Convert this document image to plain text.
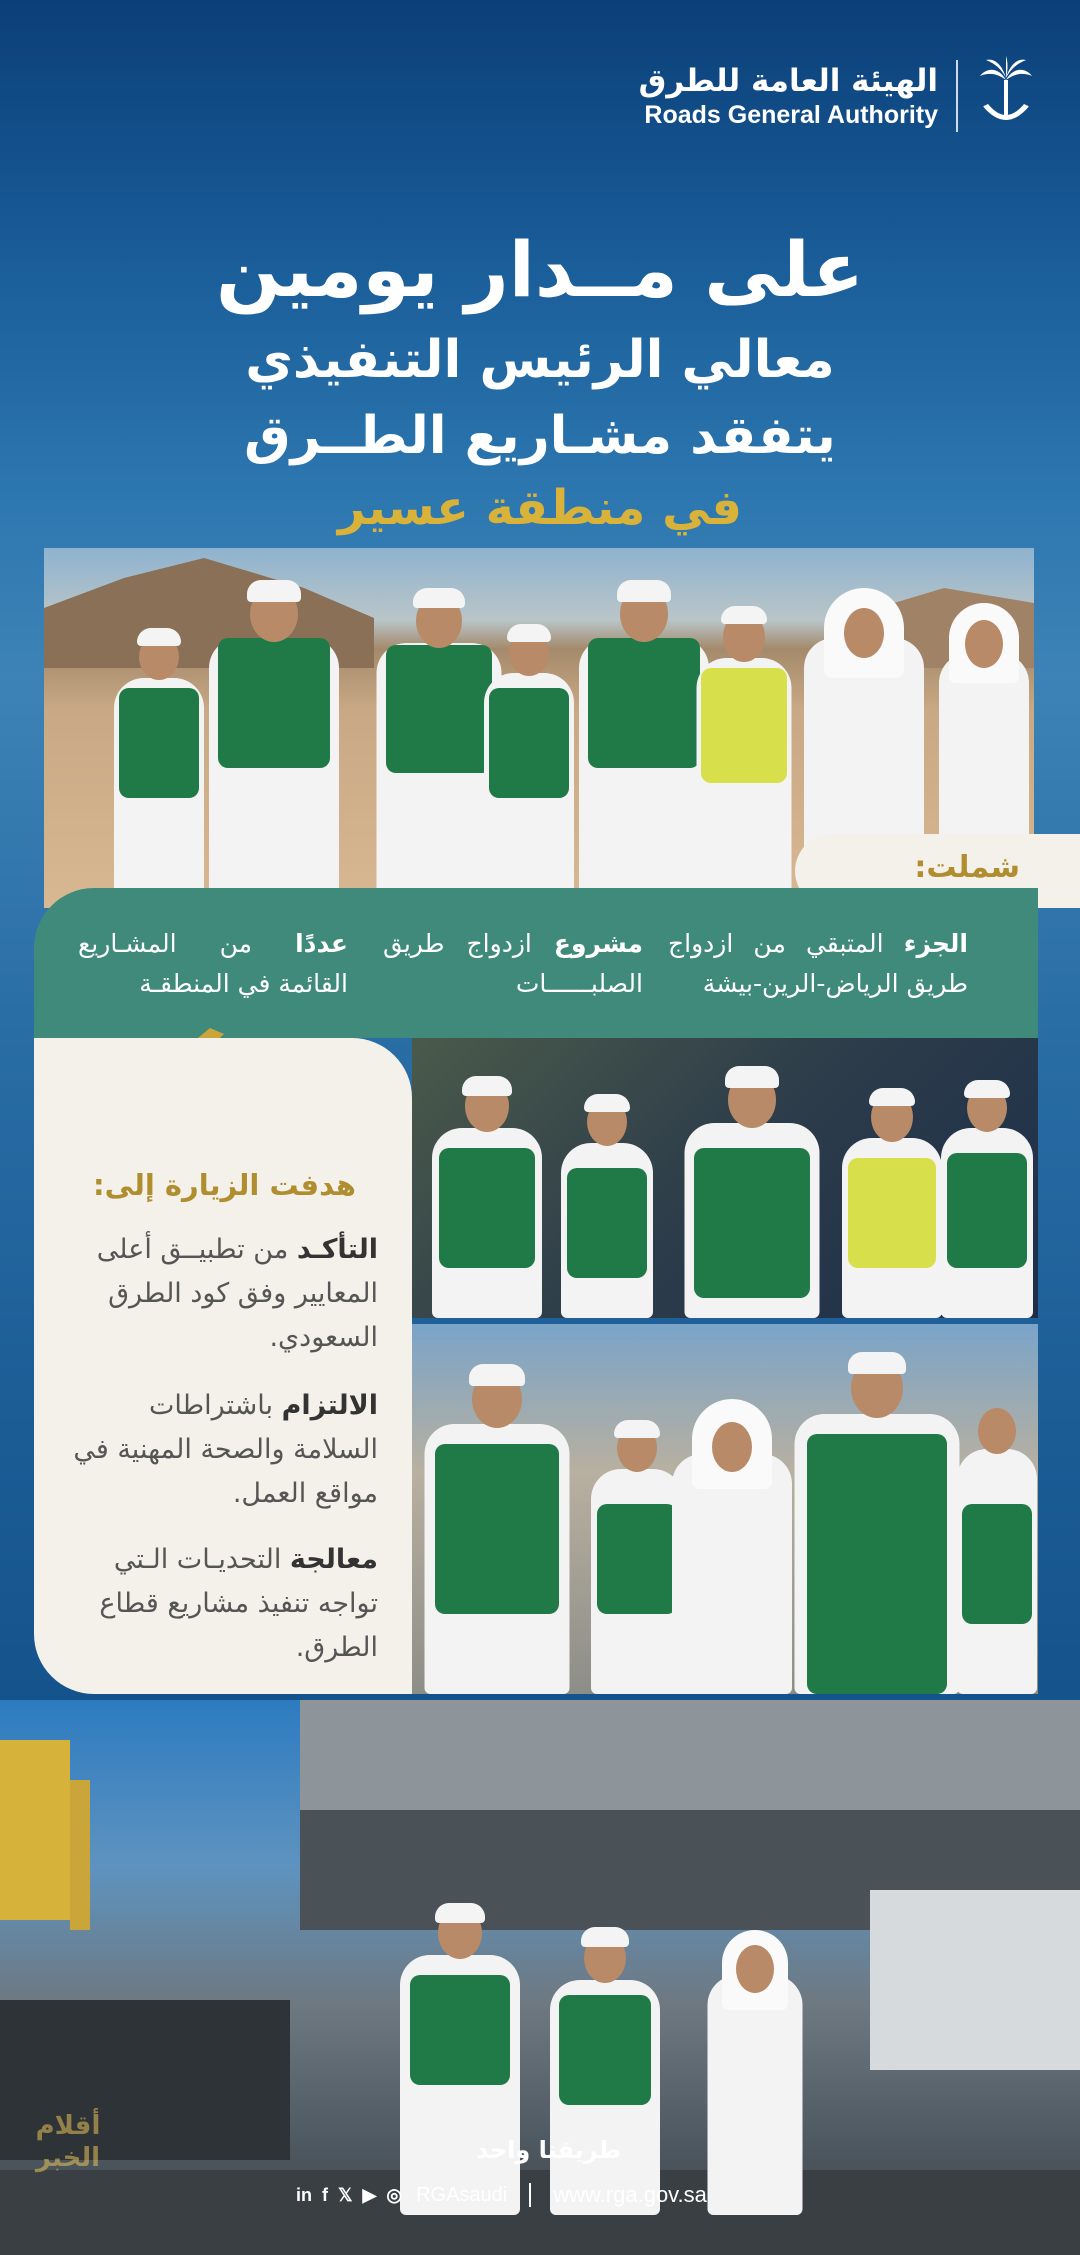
الهيئة العامة للطرق
Roads General Authority
على مــدار يومين
معالي الرئيس التنفيذي
يتفقد مشـاريع الطــرق
في منطقة عسير
شملت:
الجزء المتبقي من ازدواج طريق الرياض-الرين-بيشة
مشروع ازدواج طريق الصلبــــــات
عددًا من المشـاريع القائمة في المنطقـة
هدفت الزيارة إلى:
التأكـد من تطبيــق أعلى المعايير وفق كود الطرق السعودي.
الالتزام باشتراطات السلامة والصحة المهنية في مواقع العمل.
معالجة التحديـات الـتي تواجه تنفيذ مشاريع قطاع الطرق.
أقلام
الخبر	طريقنا واحد
in f 𝕏 ▶ ◎ RGAsaudi www.rga.gov.sa
